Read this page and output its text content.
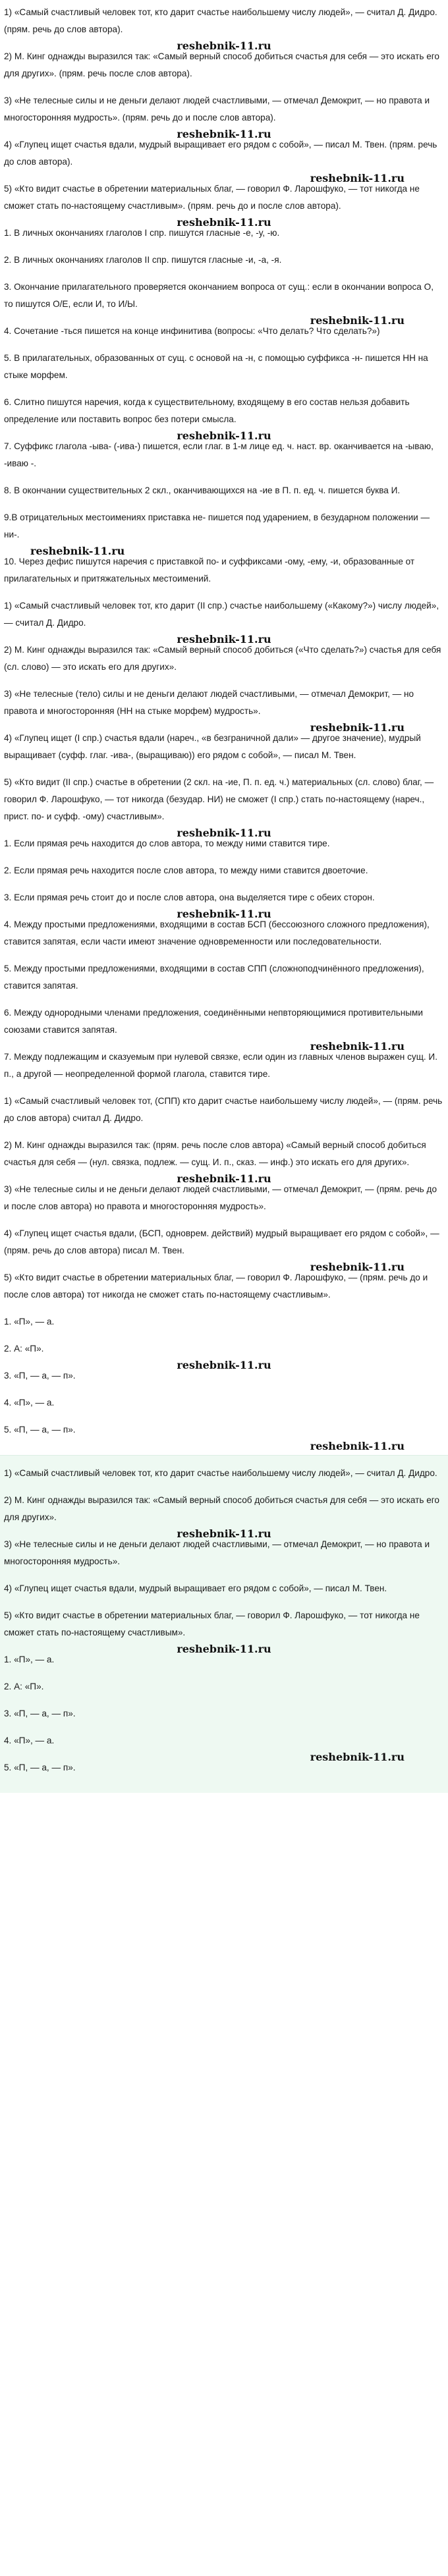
1) «Самый счастливый человек тот, кто дарит счастье наибольшему числу людей», — считал Д. Дидро. (прям. речь до слов автора).

reshebnik-11.ru

2) М. Кинг однажды выразился так: «Самый верный способ добиться счастья для себя — это искать его для других». (прям. речь после слов автора).

3) «Не телесные силы и не деньги делают людей счастливыми, — отмечал Демокрит, — но правота и многосторонняя мудрость». (прям. речь до и после слов автора).

reshebnik-11.ru

4) «Глупец ищет счастья вдали, мудрый выращивает его рядом с собой», — писал М. Твен. (прям. речь до слов автора).

reshebnik-11.ru

5) «Кто видит счастье в обретении материальных благ, — говорил Ф. Ларошфуко, — тот никогда не сможет стать по-настоящему счастливым». (прям. речь до и после слов автора).

reshebnik-11.ru

1. В личных окончаниях глаголов I спр. пишутся гласные -е, -у, -ю.

2. В личных окончаниях глаголов II спр. пишутся гласные -и, -а, -я.

3. Окончание прилагательного проверяется окончанием вопроса от сущ.: если в окончании вопроса О, то пишутся О/Е, если И, то И/Ы.

reshebnik-11.ru

4. Сочетание -ться пишется на конце инфинитива (вопросы: «Что делать? Что сделать?»)

5. В прилагательных, образованных от сущ. с основой на -н, с помощью суффикса -н- пишется НН на стыке морфем.

6. Слитно пишутся наречия, когда к существительному, входящему в его состав нельзя добавить определение или поставить вопрос без потери смысла.

reshebnik-11.ru

7. Суффикс глагола -ыва- (-ива-) пишется, если глаг. в 1-м лице ед. ч. наст. вр. оканчивается на -ываю, -иваю -.

8. В окончании существительных 2 скл., оканчивающихся на -ие в П. п. ед. ч. пишется буква И.

9.В отрицательных местоимениях приставка не- пишется под ударением, в безударном положении — ни-.

reshebnik-11.ru

10. Через дефис пишутся наречия с приставкой по- и суффиксами -ому, -ему, -и, образованные от прилагательных и притяжательных местоимений.

1) «Самый счастливый человек тот, кто дарит (II спр.) счастье наибольшему («Какому?») числу людей», — считал Д. Дидро.

reshebnik-11.ru

2) М. Кинг однажды выразился так: «Самый верный способ добиться («Что сделать?») счастья для себя (сл. слово) — это искать его для других».

3) «Не телесные (тело) силы и не деньги делают людей счастливыми, — отмечал Демокрит, — но правота и многосторонняя (НН на стыке морфем) мудрость».

reshebnik-11.ru

4) «Глупец ищет (I спр.) счастья вдали (нареч., «в безграничной дали» — другое значение), мудрый выращивает (суфф. глаг. -ива-, (выращиваю)) его рядом с собой», — писал М. Твен.

5) «Кто видит (II спр.) счастье в обретении (2 скл. на -ие, П. п. ед. ч.) материальных (сл. слово) благ, — говорил Ф. Ларошфуко, — тот никогда (безудар. НИ) не сможет (I спр.) стать по-настоящему (нареч., прист. по- и суфф. -ому) счастливым».

reshebnik-11.ru

1. Если прямая речь находится до слов автора, то между ними ставится тире.

2. Если прямая речь находится после слов автора, то между ними ставится двоеточие.

3. Если прямая речь стоит до и после слов автора, она выделяется тире с обеих сторон.

reshebnik-11.ru

4. Между простыми предложениями, входящими в состав БСП (бессоюзного сложного предложения), ставится запятая, если части имеют значение одновременности или последовательности.

5. Между простыми предложениями, входящими в состав СПП (сложноподчинённого предложения), ставится запятая.

6. Между однородными членами предложения, соединёнными непвторяющимися противительными союзами ставится запятая.

reshebnik-11.ru

7. Между подлежащим и сказуемым при нулевой связке, если один из главных членов выражен сущ. И. п., а другой — неопределенной формой глагола, ставится тире.

1) «Самый счастливый человек тот, (СПП) кто дарит счастье наибольшему числу людей», — (прям. речь до слов автора) считал Д. Дидро.

2) М. Кинг однажды выразился так: (прям. речь после слов автора) «Самый верный способ добиться счастья для себя — (нул. связка, подлеж. — сущ. И. п., сказ. — инф.) это искать его для других».

reshebnik-11.ru

3) «Не телесные силы и не деньги делают людей счастливыми, — отмечал Демокрит, — (прям. речь до и после слов автора) но правота и многосторонняя мудрость».

4) «Глупец ищет счастья вдали, (БСП, одноврем. действий) мудрый выращивает его рядом с собой», — (прям. речь до слов автора) писал М. Твен.

reshebnik-11.ru

5) «Кто видит счастье в обретении материальных благ, — говорил Ф. Ларошфуко, — (прям. речь до и после слов автора) тот никогда не сможет стать по-настоящему счастливым».

1. «П», — а.

2. А: «П».

reshebnik-11.ru

3. «П, — а, — п».

4. «П», — а.

5. «П, — а, — п».

reshebnik-11.ru

1) «Самый счастливый человек тот, кто дарит счастье наибольшему числу людей», — считал Д. Дидро.

2) М. Кинг однажды выразился так: «Самый верный способ добиться счастья для себя — это искать его для других».

reshebnik-11.ru

3) «Не телесные силы и не деньги делают людей счастливыми, — отмечал Демокрит, — но правота и многосторонняя мудрость».

4) «Глупец ищет счастья вдали, мудрый выращивает его рядом с собой», — писал М. Твен.

5) «Кто видит счастье в обретении материальных благ, — говорил Ф. Ларошфуко, — тот никогда не сможет стать по-настоящему счастливым».

reshebnik-11.ru

1. «П», — а.

2. А: «П».

3. «П, — а, — п».

4. «П», — а.

reshebnik-11.ru

5. «П, — а, — п».
